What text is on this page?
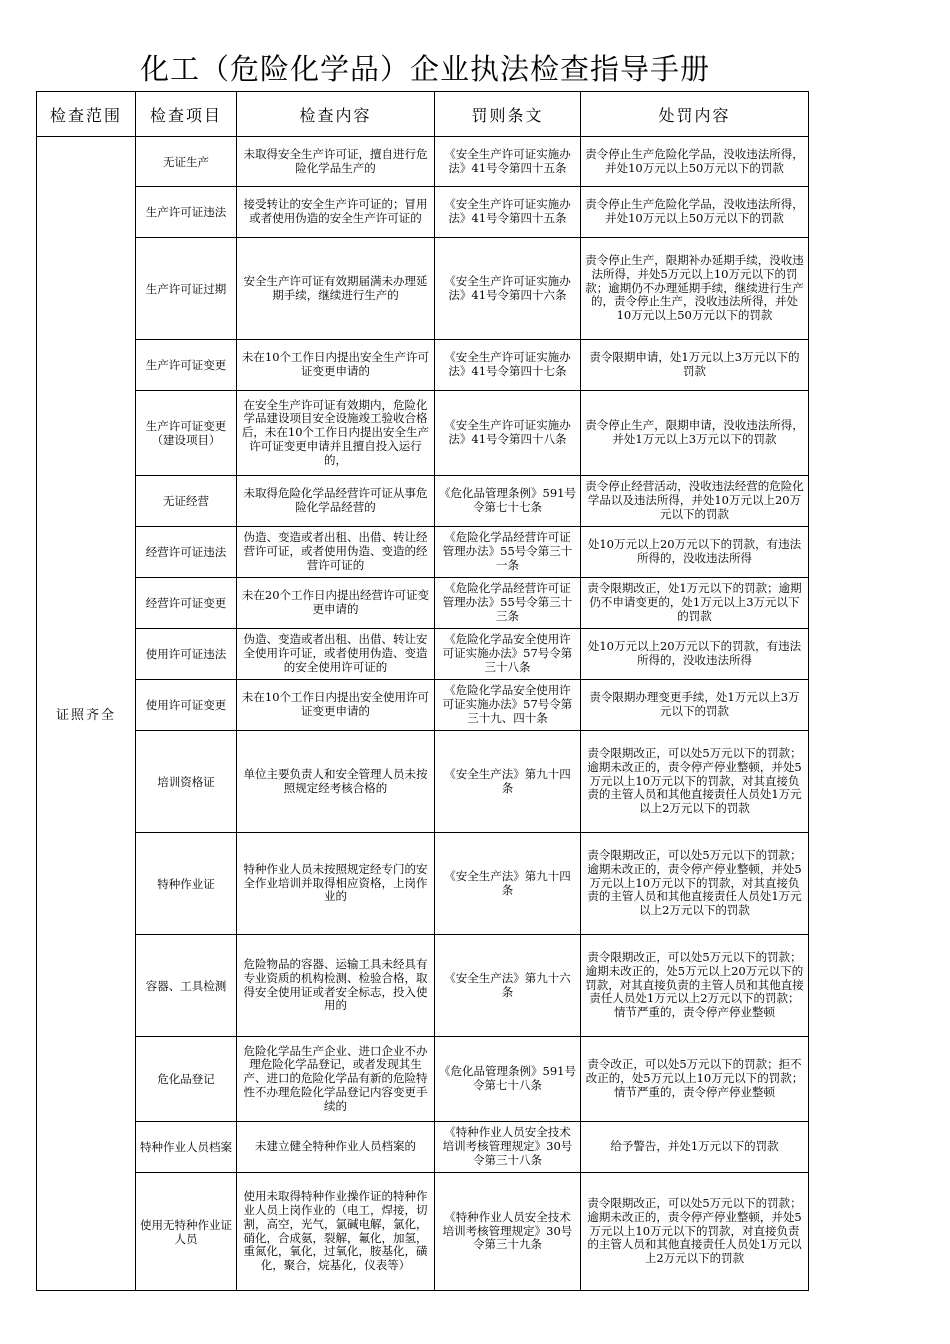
化工（危险化学品）企业执法检查指导手册
检查范围	检查项目	检查内容	罚则条文	处罚内容
证照齐全	无证生产	未取得安全生产许可证，擅自进行危险化学品生产的	《安全生产许可证实施办法》41号令第四十五条	责令停止生产危险化学品，没收违法所得，并处10万元以上50万元以下的罚款
	生产许可证违法	接受转让的安全生产许可证的；冒用或者使用伪造的安全生产许可证的	《安全生产许可证实施办法》41号令第四十五条	责令停止生产危险化学品，没收违法所得，并处10万元以上50万元以下的罚款
	生产许可证过期	安全生产许可证有效期届满未办理延期手续，继续进行生产的	《安全生产许可证实施办法》41号令第四十六条	责令停止生产，限期补办延期手续，没收违法所得，并处5万元以上10万元以下的罚款；逾期仍不办理延期手续，继续进行生产的，责令停止生产，没收违法所得，并处10万元以上50万元以下的罚款
	生产许可证变更	未在10个工作日内提出安全生产许可证变更申请的	《安全生产许可证实施办法》41号令第四十七条	责令限期申请，处1万元以上3万元以下的罚款
	生产许可证变更（建设项目）	在安全生产许可证有效期内，危险化学品建设项目安全设施竣工验收合格后，未在10个工作日内提出安全生产许可证变更申请并且擅自投入运行的，	《安全生产许可证实施办法》41号令第四十八条	责令停止生产，限期申请，没收违法所得，并处1万元以上3万元以下的罚款
	无证经营	未取得危险化学品经营许可证从事危险化学品经营的	《危化品管理条例》591号令第七十七条	责令停止经营活动，没收违法经营的危险化学品以及违法所得，并处10万元以上20万元以下的罚款
	经营许可证违法	伪造、变造或者出租、出借、转让经营许可证，或者使用伪造、变造的经营许可证的	《危险化学品经营许可证管理办法》55号令第三十一条	处10万元以上20万元以下的罚款，有违法所得的，没收违法所得
	经营许可证变更	未在20个工作日内提出经营许可证变更申请的	《危险化学品经营许可证管理办法》55号令第三十三条	责令限期改正，处1万元以下的罚款；逾期仍不申请变更的，处1万元以上3万元以下的罚款
	使用许可证违法	伪造、变造或者出租、出借、转让安全使用许可证，或者使用伪造、变造的安全使用许可证的	《危险化学品安全使用许可证实施办法》57号令第三十八条	处10万元以上20万元以下的罚款，有违法所得的，没收违法所得
	使用许可证变更	未在10个工作日内提出安全使用许可证变更申请的	《危险化学品安全使用许可证实施办法》57号令第三十九、四十条	责令限期办理变更手续，处1万元以上3万元以下的罚款
	培训资格证	单位主要负责人和安全管理人员未按照规定经考核合格的	《安全生产法》第九十四条	责令限期改正，可以处5万元以下的罚款；逾期未改正的，责令停产停业整顿，并处5万元以上10万元以下的罚款，对其直接负责的主管人员和其他直接责任人员处1万元以上2万元以下的罚款
	特种作业证	特种作业人员未按照规定经专门的安全作业培训并取得相应资格，上岗作业的	《安全生产法》第九十四条	责令限期改正，可以处5万元以下的罚款；逾期未改正的，责令停产停业整顿，并处5万元以上10万元以下的罚款，对其直接负责的主管人员和其他直接责任人员处1万元以上2万元以下的罚款
	容器、工具检测	危险物品的容器、运输工具未经具有专业资质的机构检测、检验合格，取得安全使用证或者安全标志，投入使用的	《安全生产法》第九十六条	责令限期改正，可以处5万元以下的罚款；逾期未改正的，处5万元以上20万元以下的罚款，对其直接负责的主管人员和其他直接责任人员处1万元以上2万元以下的罚款；情节严重的，责令停产停业整顿
	危化品登记	危险化学品生产企业、进口企业不办理危险化学品登记，或者发现其生产、进口的危险化学品有新的危险特性不办理危险化学品登记内容变更手续的	《危化品管理条例》591号令第七十八条	责令改正，可以处5万元以下的罚款；拒不改正的，处5万元以上10万元以下的罚款；情节严重的，责令停产停业整顿
	特种作业人员档案	未建立健全特种作业人员档案的	《特种作业人员安全技术培训考核管理规定》30号令第三十八条	给予警告，并处1万元以下的罚款
	使用无特种作业证人员	使用未取得特种作业操作证的特种作业人员上岗作业的（电工，焊接，切割，高空，光气，氯碱电解，氯化，硝化，合成氨，裂解，氟化，加氢，重氮化，氧化，过氧化，胺基化，磺化，聚合，烷基化，仪表等）	《特种作业人员安全技术培训考核管理规定》30号令第三十九条	责令限期改正，可以处5万元以下的罚款；逾期未改正的，责令停产停业整顿，并处5万元以上10万元以下的罚款，对直接负责的主管人员和其他直接责任人员处1万元以上2万元以下的罚款
